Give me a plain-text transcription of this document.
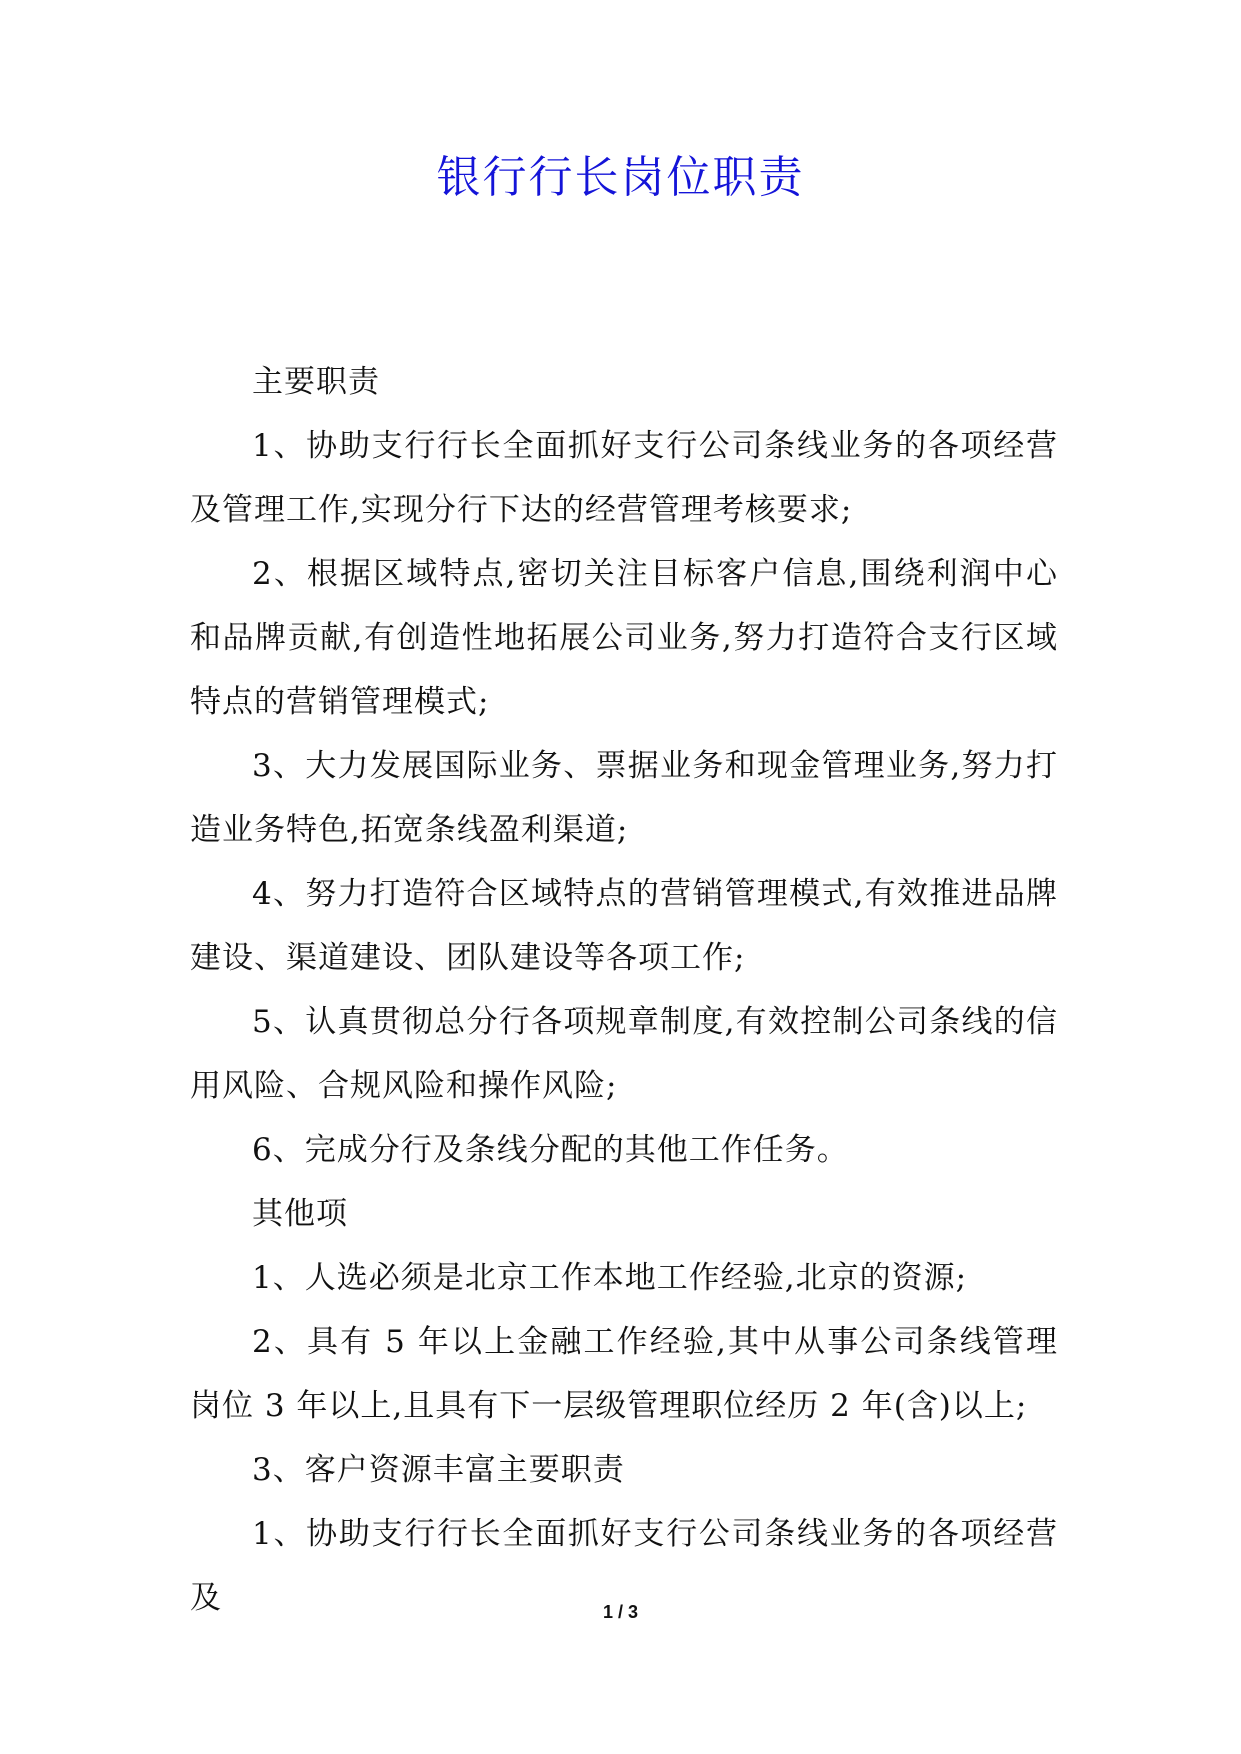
银行行长岗位职责

主要职责

1、协助支行行长全面抓好支行公司条线业务的各项经营及管理工作,实现分行下达的经营管理考核要求;

2、根据区域特点,密切关注目标客户信息,围绕利润中心和品牌贡献,有创造性地拓展公司业务,努力打造符合支行区域特点的营销管理模式;

3、大力发展国际业务、票据业务和现金管理业务,努力打造业务特色,拓宽条线盈利渠道;

4、努力打造符合区域特点的营销管理模式,有效推进品牌建设、渠道建设、团队建设等各项工作;

5、认真贯彻总分行各项规章制度,有效控制公司条线的信用风险、合规风险和操作风险;

6、完成分行及条线分配的其他工作任务。

其他项

1、人选必须是北京工作本地工作经验,北京的资源;

2、具有 5 年以上金融工作经验,其中从事公司条线管理岗位 3 年以上,且具有下一层级管理职位经历 2 年(含)以上;

3、客户资源丰富主要职责

1、协助支行行长全面抓好支行公司条线业务的各项经营及	1 / 3
